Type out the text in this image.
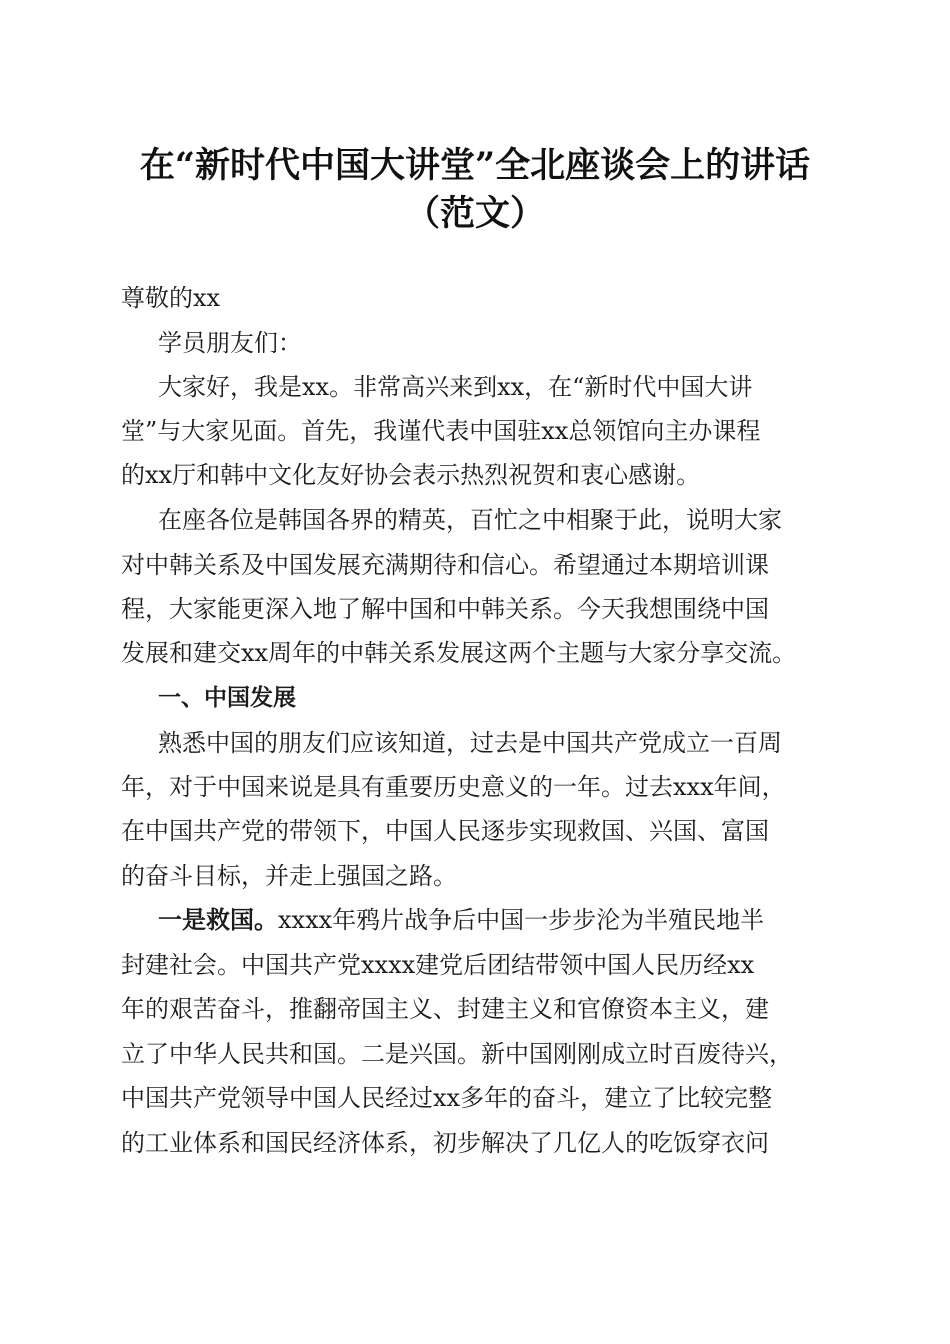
在“新时代中国大讲堂”全北座谈会上的讲话
（范文）
尊敬的xx
学员朋友们：
大家好，我是xx。非常高兴来到xx，在“新时代中国大讲
堂”与大家见面。首先，我谨代表中国驻xx总领馆向主办课程
的xx厅和韩中文化友好协会表示热烈祝贺和衷心感谢。
在座各位是韩国各界的精英，百忙之中相聚于此，说明大家
对中韩关系及中国发展充满期待和信心。希望通过本期培训课
程，大家能更深入地了解中国和中韩关系。今天我想围绕中国
发展和建交xx周年的中韩关系发展这两个主题与大家分享交流。
一、中国发展
熟悉中国的朋友们应该知道，过去是中国共产党成立一百周
年，对于中国来说是具有重要历史意义的一年。过去xxx年间，
在中国共产党的带领下，中国人民逐步实现救国、兴国、富国
的奋斗目标，并走上强国之路。
一是救国。xxxx年鸦片战争后中国一步步沦为半殖民地半
封建社会。中国共产党xxxx建党后团结带领中国人民历经xx
年的艰苦奋斗，推翻帝国主义、封建主义和官僚资本主义，建
立了中华人民共和国。二是兴国。新中国刚刚成立时百废待兴，
中国共产党领导中国人民经过xx多年的奋斗，建立了比较完整
的工业体系和国民经济体系，初步解决了几亿人的吃饭穿衣问
